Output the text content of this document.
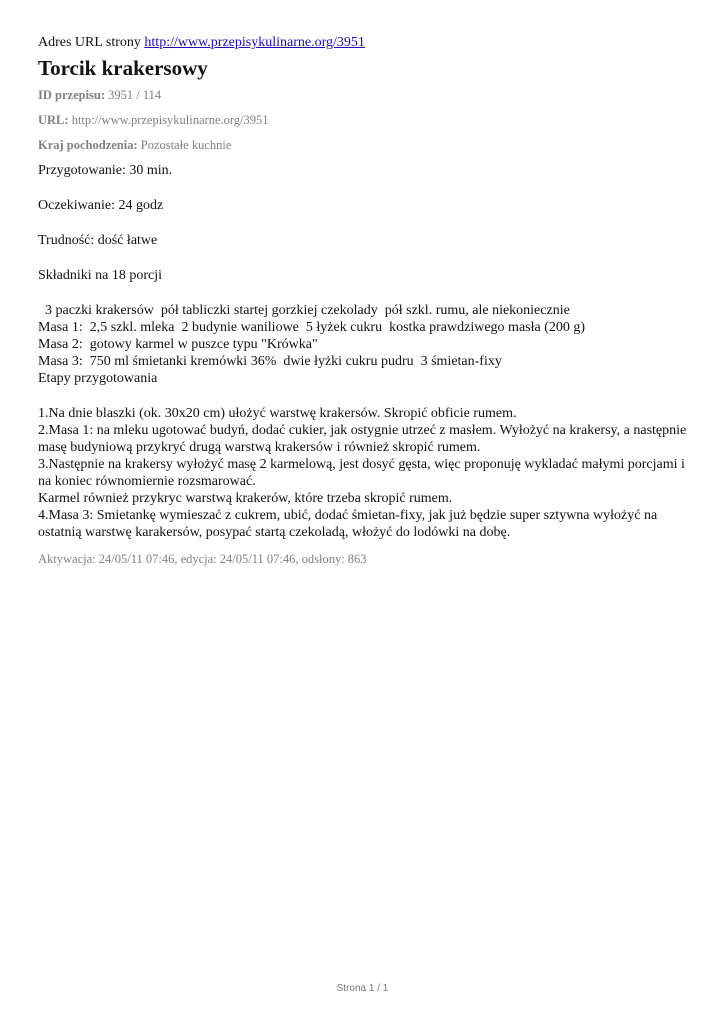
Adres URL strony http://www.przepisykulinarne.org/3951

Torcik krakersowy

ID przepisu: 3951 / 114

URL: http://www.przepisykulinarne.org/3951

Kraj pochodzenia: Pozostałe kuchnie

Przygotowanie: 30 min.

Oczekiwanie: 24 godz

Trudność: dość łatwe

Składniki na 18 porcji

3 paczki krakersów  pół tabliczki startej gorzkiej czekolady  pół szkl. rumu, ale niekoniecznie
Masa 1:  2,5 szkl. mleka  2 budynie waniliowe  5 łyżek cukru  kostka prawdziwego masła (200 g)
Masa 2:  gotowy karmel w puszce typu "Krówka"
Masa 3:  750 ml śmietanki kremówki 36%  dwie łyżki cukru pudru  3 śmietan-fixy
Etapy przygotowania
1.Na dnie blaszki (ok. 30x20 cm) ułożyć warstwę krakersów. Skropić obficie rumem.
2.Masa 1: na mleku ugotować budyń, dodać cukier, jak ostygnie utrzeć z masłem. Wyłożyć na krakersy, a następnie masę budyniową przykryć drugą warstwą krakersów i również skropić rumem.
3.Następnie na krakersy wyłożyć masę 2 karmelową, jest dosyć gęsta, więc proponuję wykladać małymi porcjami i na koniec równomiernie rozsmarować.
Karmel również przykryc warstwą krakerów, które trzeba skropić rumem.
4.Masa 3: Smietankę wymieszać z cukrem, ubić, dodać śmietan-fixy, jak już będzie super sztywna wyłożyć na ostatnią warstwę karakersów, posypać startą czekoladą, włożyć do lodówki na dobę.
Aktywacja: 24/05/11 07:46, edycja: 24/05/11 07:46, odsłony: 863
Strona 1 / 1
